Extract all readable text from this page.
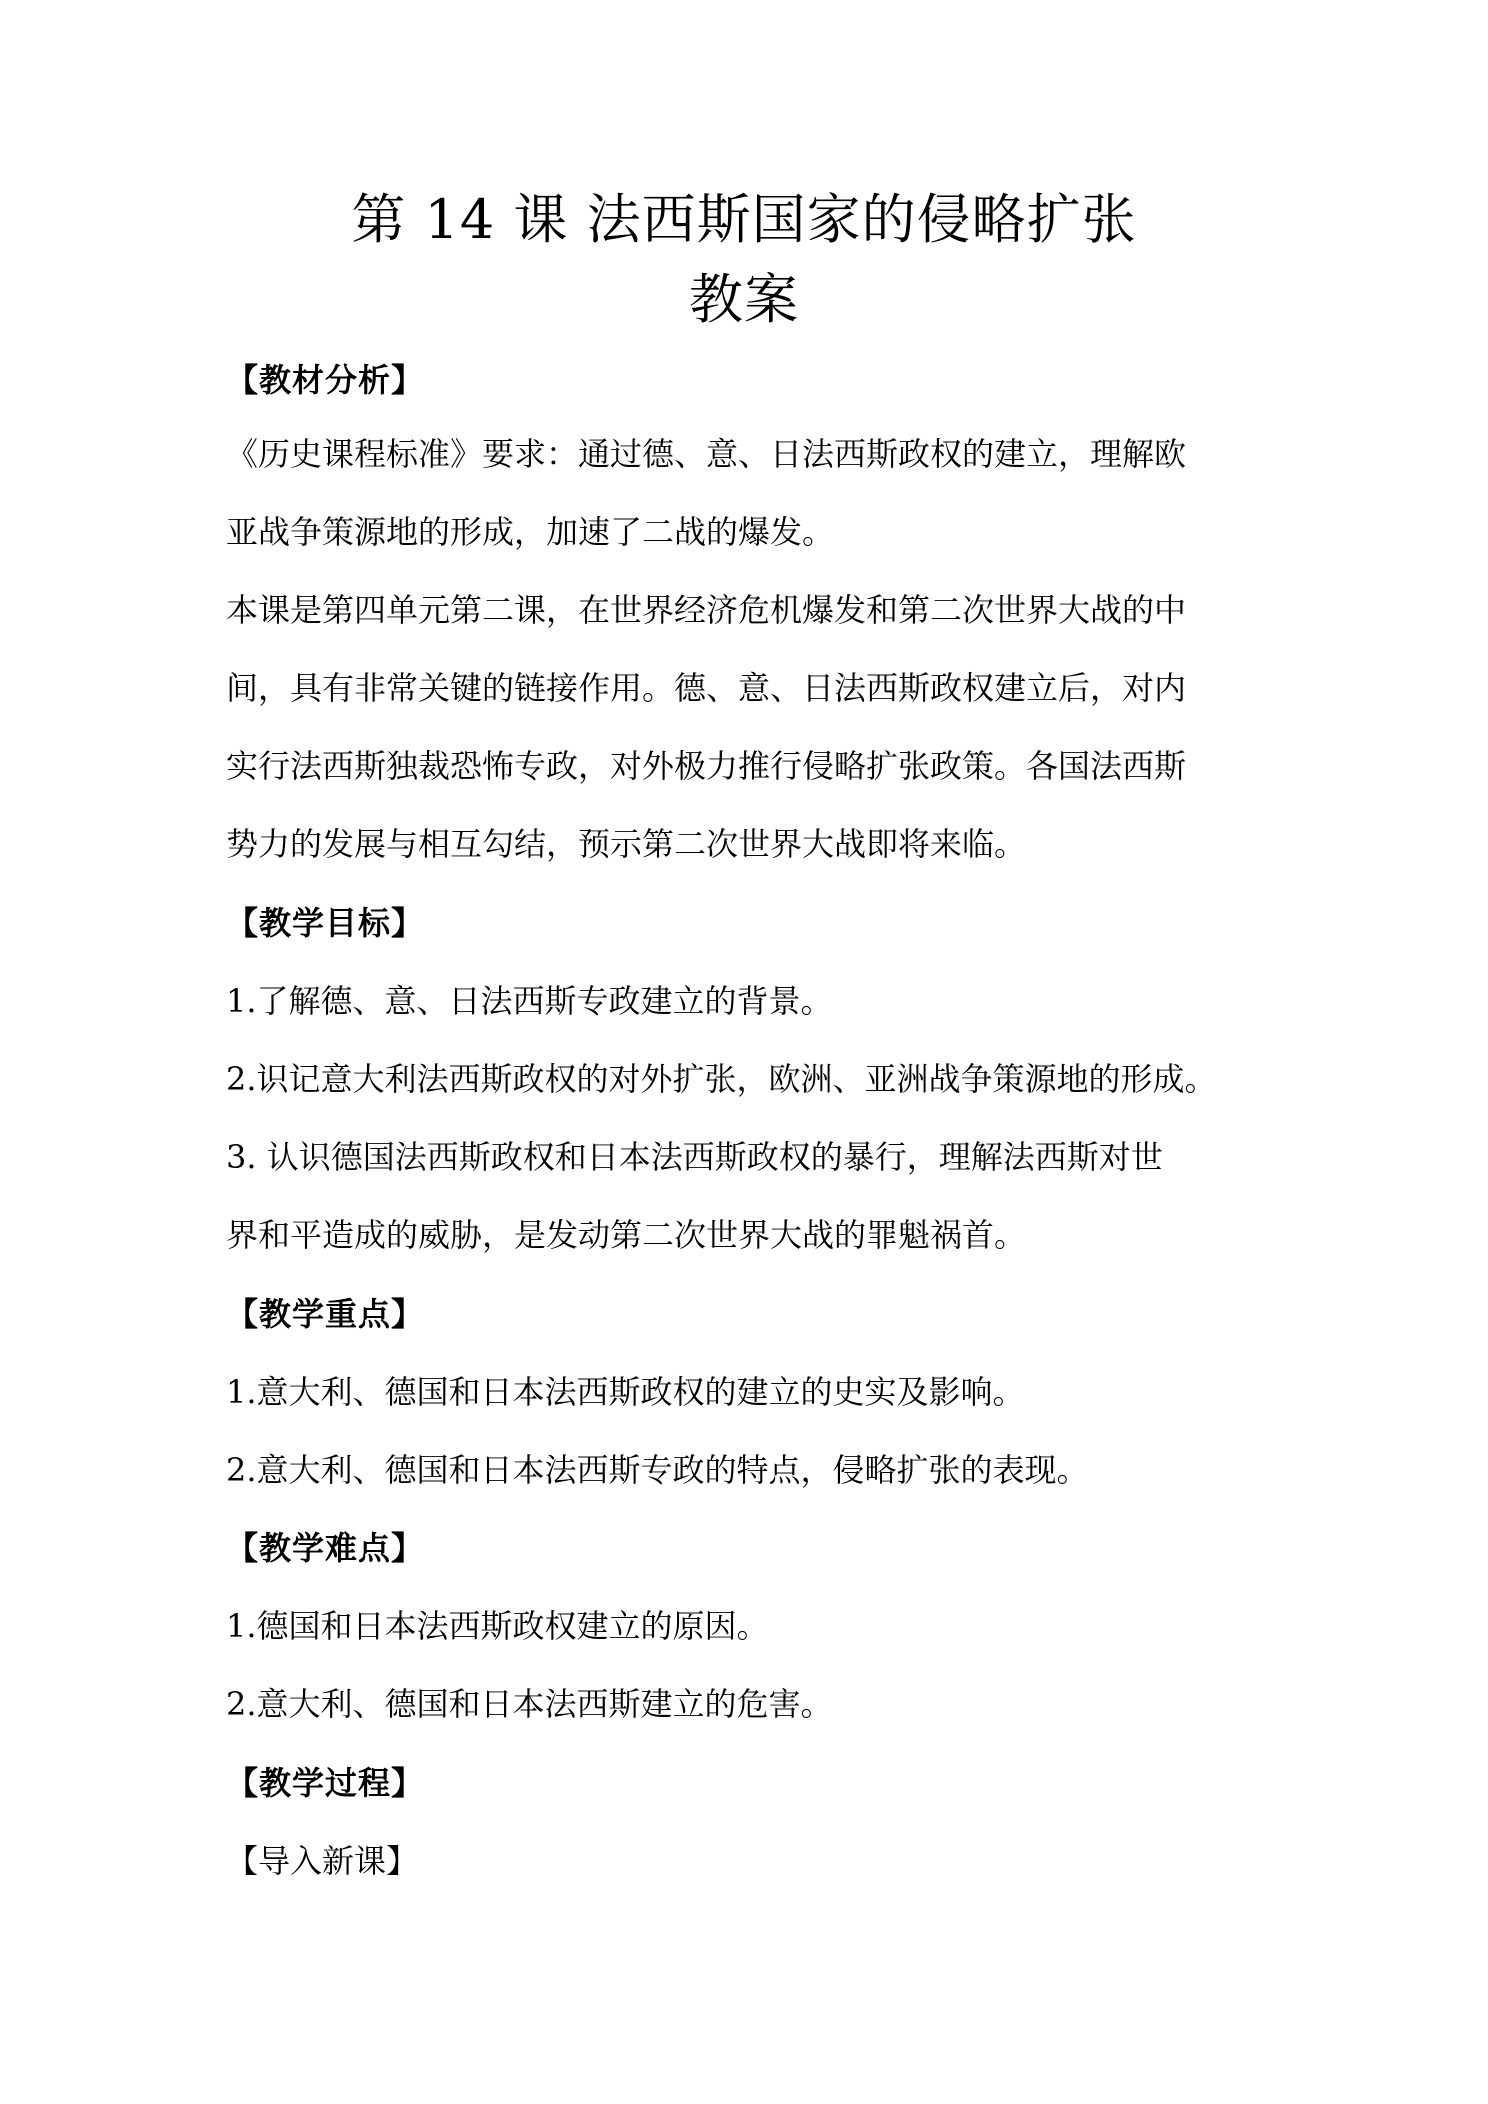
第 14 课 法西斯国家的侵略扩张
教案

【教材分析】

《历史课程标准》要求：通过德、意、日法西斯政权的建立，理解欧

亚战争策源地的形成，加速了二战的爆发。

本课是第四单元第二课，在世界经济危机爆发和第二次世界大战的中

间，具有非常关键的链接作用。德、意、日法西斯政权建立后，对内

实行法西斯独裁恐怖专政，对外极力推行侵略扩张政策。各国法西斯

势力的发展与相互勾结，预示第二次世界大战即将来临。

【教学目标】

1.了解德、意、日法西斯专政建立的背景。

2.识记意大利法西斯政权的对外扩张，欧洲、亚洲战争策源地的形成。

3. 认识德国法西斯政权和日本法西斯政权的暴行，理解法西斯对世

界和平造成的威胁，是发动第二次世界大战的罪魁祸首。

【教学重点】

1.意大利、德国和日本法西斯政权的建立的史实及影响。

2.意大利、德国和日本法西斯专政的特点，侵略扩张的表现。

【教学难点】

1.德国和日本法西斯政权建立的原因。

2.意大利、德国和日本法西斯建立的危害。

【教学过程】

【导入新课】
